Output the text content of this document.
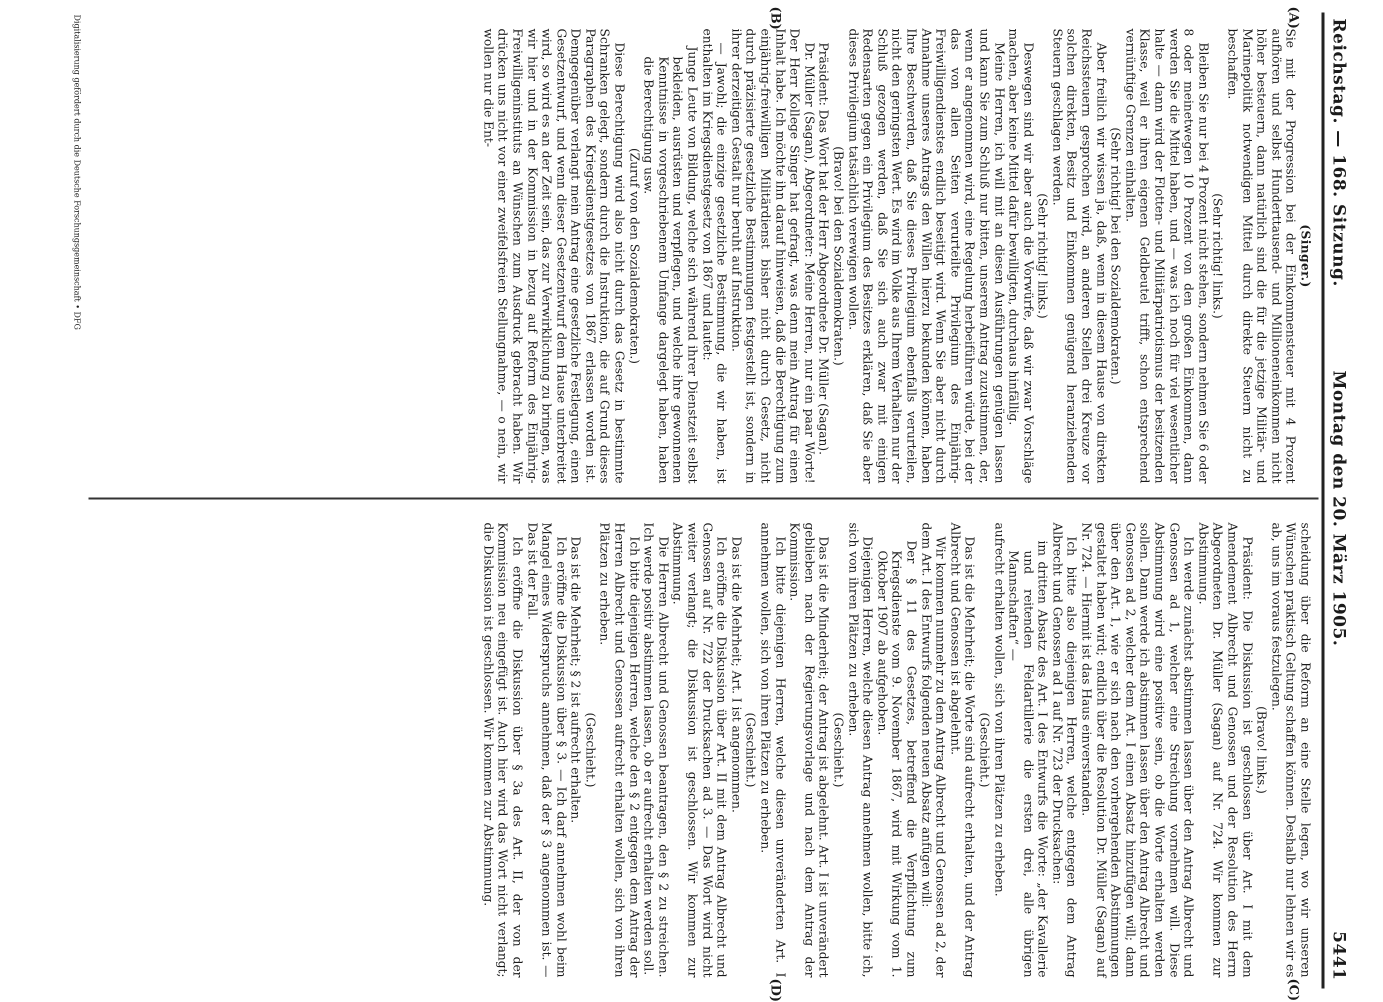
Reichstag. — 168. Sitzung.
Montag den 20. März 1905.
5441
(A)
(B)
(C)
(D)

(Singer.)

Sie mit der Progression bei der Einkommensteuer mit 4 Prozent aufhören und selbst Hunderttausend- und Millioneneinkommen nicht höher besteuern, dann natürlich sind die für die jetzige Militär- und Marinepolitik notwendigen Mittel durch direkte Steuern nicht zu beschaffen.

(Sehr richtig! links.)

Bleiben Sie nur bei 4 Prozent nicht stehen, sondern nehmen Sie 6 oder 8 oder meinetwegen 10 Prozent von den großen Einkommen, dann werden Sie die Mittel haben, und — was ich noch für viel wesentlicher halte — dann wird der Flotten- und Militärpatriotismus der besitzenden Klasse, weil er ihren eigenen Geldbeutel trifft, schon entsprechend vernünftige Grenzen einhalten.

(Sehr richtig! bei den Sozialdemokraten.)

Aber freilich wir wissen ja, daß, wenn in diesem Hause von direkten Reichssteuern gesprochen wird, an anderen Stellen drei Kreuze vor solchen direkten, Besitz und Einkommen genügend heranziehenden Steuern geschlagen werden.

(Sehr richtig! links.)

Deswegen sind wir aber auch die Vorwürfe, daß wir zwar Vorschläge machen, aber keine Mittel dafür bewilligten, durchaus hinfällig.

Meine Herren, ich will mit an diesen Ausführungen genügen lassen und kann Sie zum Schluß nur bitten, unserem Antrag zuzustimmen, der, wenn er angenommen wird, eine Regelung herbeiführen würde, bei der das von allen Seiten verurteilte Privilegium des Einjährig-Freiwilligendienstes endlich beseitigt wird. Wenn Sie aber nicht durch Annahme unseres Antrags den Willen hierzu bekunden können, haben Ihre Beschwerden, daß Sie dieses Privilegium ebenfalls verurteilen, nicht den geringsten Wert. Es wird im Volke aus Ihrem Verhalten nur der Schluß gezogen werden, daß Sie sich auch zwar mit einigen Redensarten gegen ein Privilegium des Besitzes erklären, daß Sie aber dieses Privilegium tatsächlich verewigen wollen.

(Bravo! bei den Sozialdemokraten.)

Präsident: Das Wort hat der Herr Abgeordnete Dr. Müller (Sagan).

Dr. Müller (Sagan), Abgeordneter: Meine Herren, nur ein paar Worte! Der Herr Kollege Singer hat gefragt, was denn mein Antrag für einen Inhalt habe. Ich möchte ihn darauf hinweisen, daß die Berechtigung zum einjährig-freiwilligen Militärdienst bisher nicht durch Gesetz, nicht durch präzisierte gesetzliche Bestimmungen festgestellt ist, sondern in ihrer derzeitigen Gestalt nur beruht auf Instruktion.

— Jawohl; die einzige gesetzliche Bestimmung, die wir haben, ist enthalten im Kriegsdienstgesetz von 1867 und lautet:

Junge Leute von Bildung, welche sich während ihrer Dienstzeit selbst bekleiden, ausrüsten und verpflegen, und welche ihre gewonnenen Kenntnisse in vorgeschriebenem Umfange dargelegt haben, haben die Berechtigung usw.

(Zuruf von den Sozialdemokraten.)

Diese Berechtigung wird also nicht durch das Gesetz in bestimmte Schranken gelegt, sondern durch die Instruktion, die auf Grund dieses Paragraphen des Kriegsdienstgesetzes von 1867 erlassen worden ist. Demgegenüber verlangt mein Antrag eine gesetzliche Festlegung, einen Gesetzentwurf, und wenn dieser Gesetzentwurf dem Hause unterbreitet wird, so wird es an der Zeit sein, das zur Verwirklichung zu bringen, was wir hier und in der Kommission in bezug auf Reform des Einjährig-Freiwilligeninstituts an Wünschen zum Ausdruck gebracht haben. Wir drücken uns nicht vor einer zweifelsfreien Stellungnahme, — o nein, wir wollen nur die Ent-

scheidung über die Reform an eine Stelle legen, wo wir unseren Wünschen praktisch Geltung schaffen können. Deshalb nur lehnen wir es ab, uns im voraus festzulegen.

(Bravo! links.)

Präsident: Die Diskussion ist geschlossen über Art. I mit dem Amendement Albrecht und Genossen und der Resolution des Herrn Abgeordneten Dr. Müller (Sagan) auf Nr. 724. Wir kommen zur Abstimmung.

Ich werde zunächst abstimmen lassen über den Antrag Albrecht und Genossen ad 1, welcher eine Streichung vornehmen will. Diese Abstimmung wird eine positive sein, ob die Worte erhalten werden sollen. Dann werde ich abstimmen lassen über den Antrag Albrecht und Genossen ad 2, welcher dem Art. I einen Absatz hinzufügen will; dann über den Art. 1, wie er sich nach den vorhergehenden Abstimmungen gestaltet haben wird; endlich über die Resolution Dr. Müller (Sagan) auf Nr. 724. — Hiermit ist das Haus einverstanden.

Ich bitte also diejenigen Herren, welche entgegen dem Antrag Albrecht und Genossen ad 1 auf Nr. 723 der Drucksachen:

im dritten Absatz des Art. I des Entwurfs die Worte: „der Kavallerie und reitenden Feldartillerie die ersten drei, alle übrigen Mannschaften“ —

aufrecht erhalten wollen, sich von ihren Plätzen zu erheben.

(Geschieht.)

Das ist die Mehrheit; die Worte sind aufrecht erhalten, und der Antrag Albrecht und Genossen ist abgelehnt.

Wir kommen nunmehr zu dem Antrag Albrecht und Genossen ad 2, der dem Art. I des Entwurfs folgenden neuen Absatz anfügen will:

Der § 11 des Gesetzes, betreffend die Verpflichtung zum Kriegsdienste vom 9. November 1867, wird mit Wirkung vom 1. Oktober 1907 ab aufgehoben.

Diejenigen Herren, welche diesen Antrag annehmen wollen, bitte ich, sich von ihren Plätzen zu erheben.

(Geschieht.)

Das ist die Minderheit; der Antrag ist abgelehnt. Art. I ist unverändert geblieben nach der Regierungsvorlage und nach dem Antrag der Kommission.

Ich bitte diejenigen Herren, welche diesen unveränderten Art. I annehmen wollen, sich von ihren Plätzen zu erheben.

(Geschieht.)

Das ist die Mehrheit; Art. I ist angenommen.

Ich eröffne die Diskussion über Art. II mit dem Antrag Albrecht und Genossen auf Nr. 722 der Drucksachen ad 3. — Das Wort wird nicht weiter verlangt; die Diskussion ist geschlossen. Wir kommen zur Abstimmung.

Die Herren Albrecht und Genossen beantragen, den § 2 zu streichen. Ich werde positiv abstimmen lassen, ob er aufrecht erhalten werden soll.

Ich bitte diejenigen Herren, welche den § 2 entgegen dem Antrag der Herren Albrecht und Genossen aufrecht erhalten wollen, sich von ihren Plätzen zu erheben.

(Geschieht.)

Das ist die Mehrheit; § 2 ist aufrecht erhalten.

Ich eröffne die Diskussion über § 3. — Ich darf annehmen wohl beim Mangel eines Widerspruchs annehmen, daß der § 3 angenommen ist. — Das ist der Fall.

Ich eröffne die Diskussion über § 3a des Art. II, der von der Kommission neu eingefügt ist. Auch hier wird das Wort nicht verlangt; die Diskussion ist geschlossen. Wir kommen zur Abstimmung.

Digitalisierung gefördert durch die Deutsche Forschungsgemeinschaft • DFG
